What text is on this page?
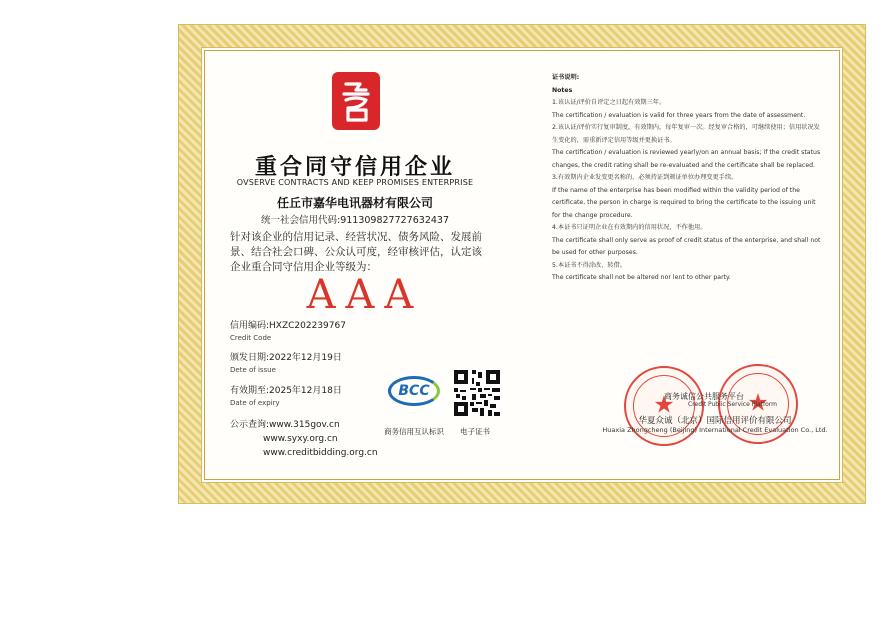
重合同守信用企业
OVSERVE CONTRACTS AND KEEP PROMISES ENTERPRISE
任丘市嘉华电讯器材有限公司
统一社会信用代码:911309827727632437
针对该企业的信用记录、经营状况、债务风险、发展前景、结合社会口碑、公众认可度，经审核评估，认定该企业重合同守信用企业等级为：
AAA
信用编码:HXZC202239767
Credit Code
颁发日期:2022年12月19日
Dete of issue
有效期至:2025年12月18日
Date of expiry
公示查询:www.315gov.cn
www.syxy.org.cn
www.creditbidding.org.cn
BCC
商务信用互认标识 电子证书

证书说明:

Notes

1.该认证/评价自评定之日起有效期三年。

The certification / evaluation is valid for three years from the date of assessment.

2.该认证/评价实行复审制度，有效期内，每年复审一次。经复审合格的，可继续使用；信用状况发生变化的，需重新评定信用等级并更换证书。

The certification / evaluation is reviewed yearly/on an annual basis; if the credit status changes, the credit rating shall be re-evaluated and the certificate shall be replaced.

3.有效期内企业发变更名称的，必须持证到颁证单位办理变更手续。

If the name of the enterprise has been modified within the validity period of the certificate, the person in charge is required to bring the certificate to the issuing unit for the change procedure.

4.本证书只证明企业在有效期内的信用状况，不作他用。

The certificate shall only serve as proof of credit status of the enterprise, and shall not be used for other purposes.

5.本证书不得涂改、转借。

The certificate shall not be altered nor lent to other party.

★	★
商务诚信公共服务平台
Credit Public Service Platform
华夏众诚（北京）国际信用评价有限公司
Huaxia Zhongcheng (Beijing) International Credit Evaluation Co., Ltd.
